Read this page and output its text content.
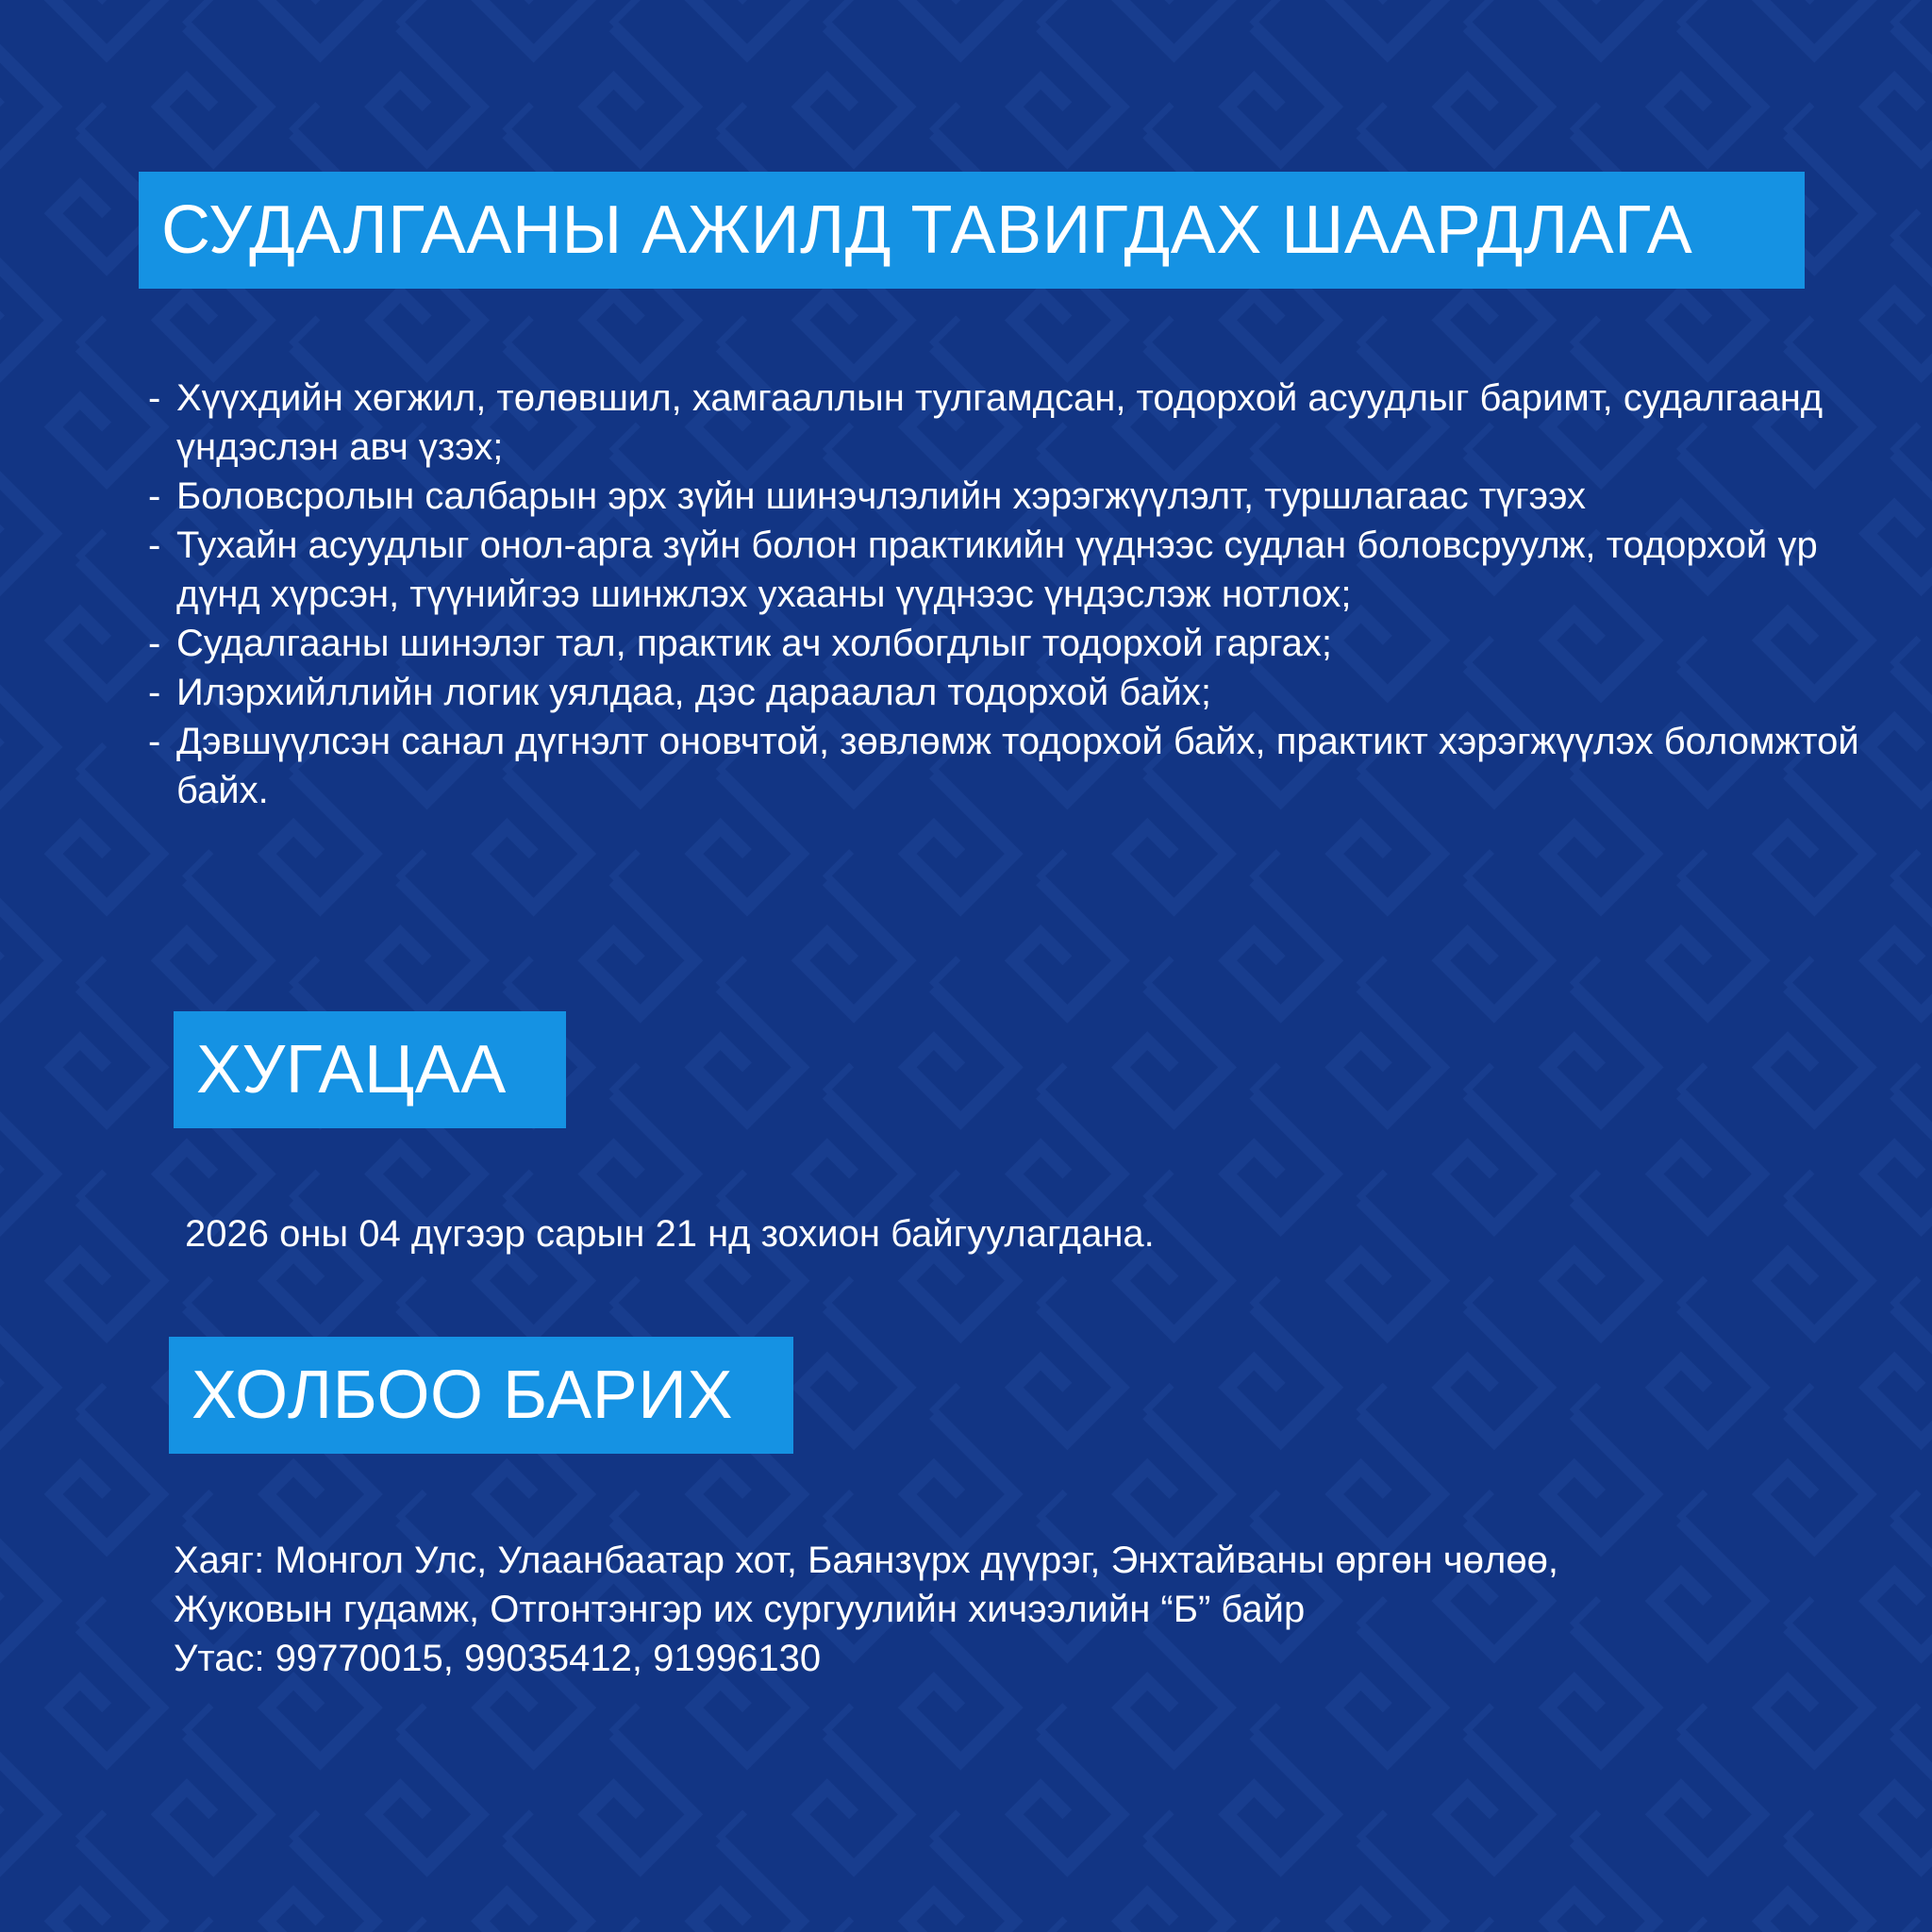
СУДАЛГААНЫ АЖИЛД ТАВИГДАХ ШААРДЛАГА
- Хүүхдийн хөгжил, төлөвшил, хамгааллын тулгамдсан, тодорхой асуудлыг баримт, судалгаанд үндэслэн авч үзэх;
- Боловсролын салбарын эрх зүйн шинэчлэлийн хэрэгжүүлэлт, туршлагаас түгээх
- Тухайн асуудлыг онол-арга зүйн болон практикийн үүднээс судлан боловсруулж, тодорхой үр дүнд хүрсэн, түүнийгээ шинжлэх ухааны үүднээс үндэслэж нотлох;
- Судалгааны шинэлэг тал, практик ач холбогдлыг тодорхой гаргах;
- Илэрхийллийн логик уялдаа, дэс дараалал тодорхой байх;
- Дэвшүүлсэн санал дүгнэлт оновчтой, зөвлөмж тодорхой байх, практикт хэрэгжүүлэх боломжтой байх.
ХУГАЦАА
2026 оны 04 дүгээр сарын 21 нд зохион байгуулагдана.
ХОЛБОО БАРИХ
Хаяг: Монгол Улс, Улаанбаатар хот, Баянзүрх дүүрэг, Энхтайваны өргөн чөлөө,
Жуковын гудамж, Отгонтэнгэр их сургуулийн хичээлийн “Б” байр
Утас: 99770015, 99035412, 91996130
